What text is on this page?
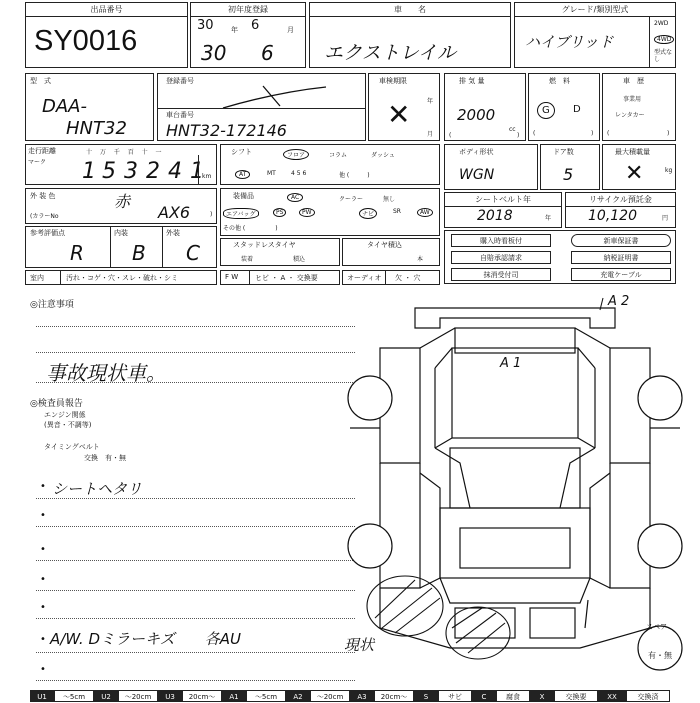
出品番号
SY0016
初年度登録
30 年 6	月
30 6
車　　名
エクストレイル
グレード/類別型式
ハイブリッド
2WD
4WD
型式なし
型　式
DAA-
HNT32
登録番号
車台番号
HNT32-172146
車検期限
年
月
✕
排 気 量
2000
cc
(	)
燃　料
G	D
(	)
車　歴
事業用
レンタカー
(	)
走行距離
マーク
十 万 千 百 十 一
1 5 3 2 4 1
km
シフト	フロア	コラム	ダッシュ
AT	MT	4 5 6	他 (　　　)
ボディ形状
WGN
ドア数
5
最大積載量
✕	kg
外 装 色	赤
(カラーNo	AX6	)
装備品	AC	クーラー	無し
エアバッグ	PS	PW	ナビ	SR	AW
その他 (　　　　　)
シートベルト年
2018	年
リサイクル預託金
10,120	円
参考評価点	内装	外装
R B C	スタッドレスタイヤ
装着	積込
タイヤ積込
本
購入時看板付	新車保証書
自賠承認請求	納税証明書
抹消受付司	充電ケーブル
室内	汚れ・コゲ・穴・スレ・破れ・シミ	F W ヒビ ・ A ・ 交換要	オーディオ 欠 ・ 穴
◎注意事項
事故現状車。
◎検査員報告
エンジン関係
(異音・不調等)
タイミングベルト
交換　有・無
• シートヘタリ
•
•
•
•
• A/W. Dミラーキズ　　各AU
•
A 2
A 1
現状
スペア
有・無
U1	～5cm	U2	～20cm	U3	20cm～	A1	～5cm	A2	～20cm	A3	20cm～	S	サビ	C	腐食	X	交換要	XX	交換済
